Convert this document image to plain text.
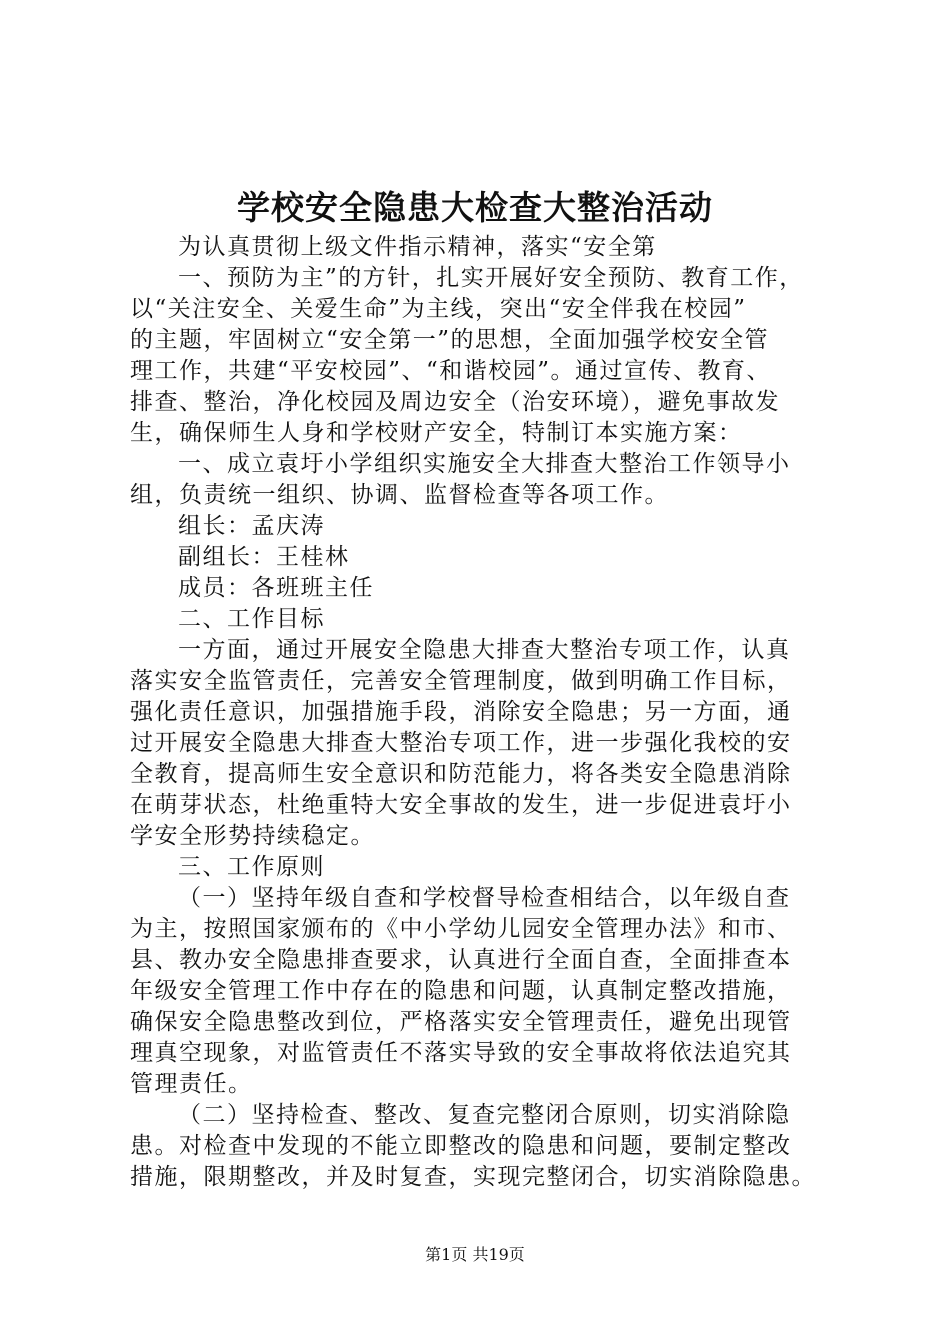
学校安全隐患大检查大整治活动
为认真贯彻上级文件指示精神，落实“安全第
一、预防为主”的方针，扎实开展好安全预防、教育工作，
以“关注安全、关爱生命”为主线，突出“安全伴我在校园”
的主题，牢固树立“安全第一”的思想，全面加强学校安全管
理工作，共建“平安校园”、“和谐校园”。通过宣传、教育、
排查、整治，净化校园及周边安全（治安环境），避免事故发
生，确保师生人身和学校财产安全，特制订本实施方案：
一、成立袁圩小学组织实施安全大排查大整治工作领导小
组，负责统一组织、协调、监督检查等各项工作。
组长：孟庆涛
副组长：王桂林
成员：各班班主任
二、工作目标
一方面，通过开展安全隐患大排查大整治专项工作，认真
落实安全监管责任，完善安全管理制度，做到明确工作目标，
强化责任意识，加强措施手段，消除安全隐患；另一方面，通
过开展安全隐患大排查大整治专项工作，进一步强化我校的安
全教育，提高师生安全意识和防范能力，将各类安全隐患消除
在萌芽状态，杜绝重特大安全事故的发生，进一步促进袁圩小
学安全形势持续稳定。
三、工作原则
（一）坚持年级自查和学校督导检查相结合，以年级自查
为主，按照国家颁布的《中小学幼儿园安全管理办法》和市、
县、教办安全隐患排查要求，认真进行全面自查，全面排查本
年级安全管理工作中存在的隐患和问题，认真制定整改措施，
确保安全隐患整改到位，严格落实安全管理责任，避免出现管
理真空现象，对监管责任不落实导致的安全事故将依法追究其
管理责任。
（二）坚持检查、整改、复查完整闭合原则，切实消除隐
患。对检查中发现的不能立即整改的隐患和问题，要制定整改
措施，限期整改，并及时复查，实现完整闭合，切实消除隐患。
第1页 共19页
